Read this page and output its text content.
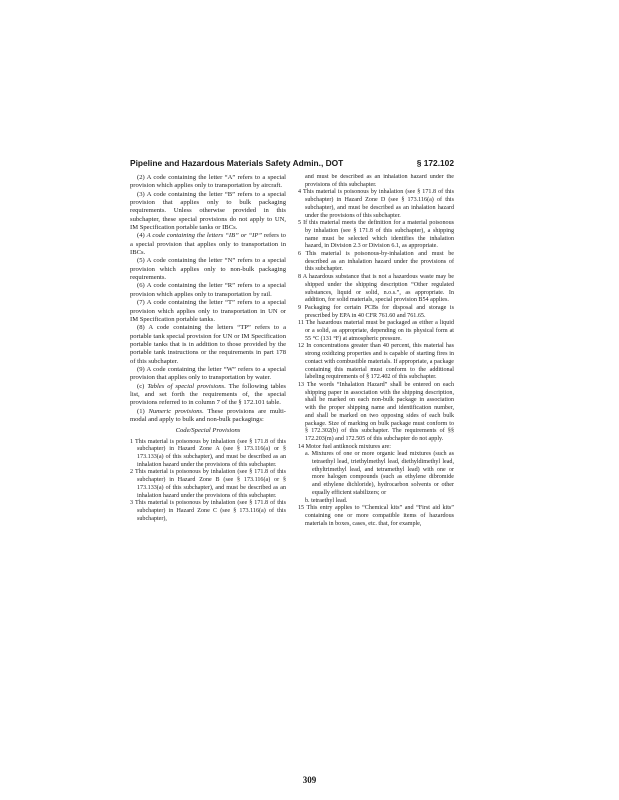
Pipeline and Hazardous Materials Safety Admin., DOT	§ 172.102

(2) A code containing the letter “A” refers to a special provision which applies only to transportation by aircraft.

(3) A code containing the letter “B” refers to a special provision that applies only to bulk packaging requirements. Unless otherwise provided in this subchapter, these special provisions do not apply to UN, IM Specification portable tanks or IBCs.

(4) A code containing the letters “IB” or “IP” refers to a special provision that applies only to transportation in IBCs.

(5) A code containing the letter “N” refers to a special provision which applies only to non-bulk packaging requirements.

(6) A code containing the letter “R” refers to a special provision which applies only to transportation by rail.

(7) A code containing the letter “T” refers to a special provision which applies only to transportation in UN or IM Specification portable tanks.

(8) A code containing the letters “TP” refers to a portable tank special provision for UN or IM Specification portable tanks that is in addition to those provided by the portable tank instructions or the requirements in part 178 of this subchapter.

(9) A code containing the letter “W” refers to a special provision that applies only to transportation by water.

(c) Tables of special provisions. The following tables list, and set forth the requirements of, the special provisions referred to in column 7 of the § 172.101 table.

(1) Numeric provisions. These provisions are multi-modal and apply to bulk and non-bulk packagings:

Code/Special Provisions

1 This material is poisonous by inhalation (see § 171.8 of this subchapter) in Hazard Zone A (see § 173.116(a) or § 173.133(a) of this subchapter), and must be described as an inhalation hazard under the provisions of this subchapter.

2 This material is poisonous by inhalation (see § 171.8 of this subchapter) in Hazard Zone B (see § 173.116(a) or § 173.133(a) of this subchapter), and must be described as an inhalation hazard under the provisions of this subchapter.

3 This material is poisonous by inhalation (see § 171.8 of this subchapter) in Hazard Zone C (see § 173.116(a) of this subchapter),

and must be described as an inhalation hazard under the provisions of this subchapter.

4 This material is poisonous by inhalation (see § 171.8 of this subchapter) in Hazard Zone D (see § 173.116(a) of this subchapter), and must be described as an inhalation hazard under the provisions of this subchapter.

5 If this material meets the definition for a material poisonous by inhalation (see § 171.8 of this subchapter), a shipping name must be selected which identifies the inhalation hazard, in Division 2.3 or Division 6.1, as appropriate.

6 This material is poisonous-by-inhalation and must be described as an inhalation hazard under the provisions of this subchapter.

8 A hazardous substance that is not a hazardous waste may be shipped under the shipping description “Other regulated substances, liquid or solid, n.o.s.”, as appropriate. In addition, for solid materials, special provision B54 applies.

9 Packaging for certain PCBs for disposal and storage is prescribed by EPA in 40 CFR 761.60 and 761.65.

11 The hazardous material must be packaged as either a liquid or a solid, as appropriate, depending on its physical form at 55 °C (131 °F) at atmospheric pressure.

12 In concentrations greater than 40 percent, this material has strong oxidizing properties and is capable of starting fires in contact with combustible materials. If appropriate, a package containing this material must conform to the additional labeling requirements of § 172.402 of this subchapter.

13 The words “Inhalation Hazard” shall be entered on each shipping paper in association with the shipping description, shall be marked on each non-bulk package in association with the proper shipping name and identification number, and shall be marked on two opposing sides of each bulk package. Size of marking on bulk package must conform to § 172.302(b) of this subchapter. The requirements of §§ 172.203(m) and 172.505 of this subchapter do not apply.

14 Motor fuel antiknock mixtures are:

a. Mixtures of one or more organic lead mixtures (such as tetraethyl lead, triethylmethyl lead, diethyldimethyl lead, ethyltrimethyl lead, and tetramethyl lead) with one or more halogen compounds (such as ethylene dibromide and ethylene dichloride), hydrocarbon solvents or other equally efficient stabilizers; or

b. tetraethyl lead.

15 This entry applies to “Chemical kits” and “First aid kits” containing one or more compatible items of hazardous materials in boxes, cases, etc. that, for example,

309
